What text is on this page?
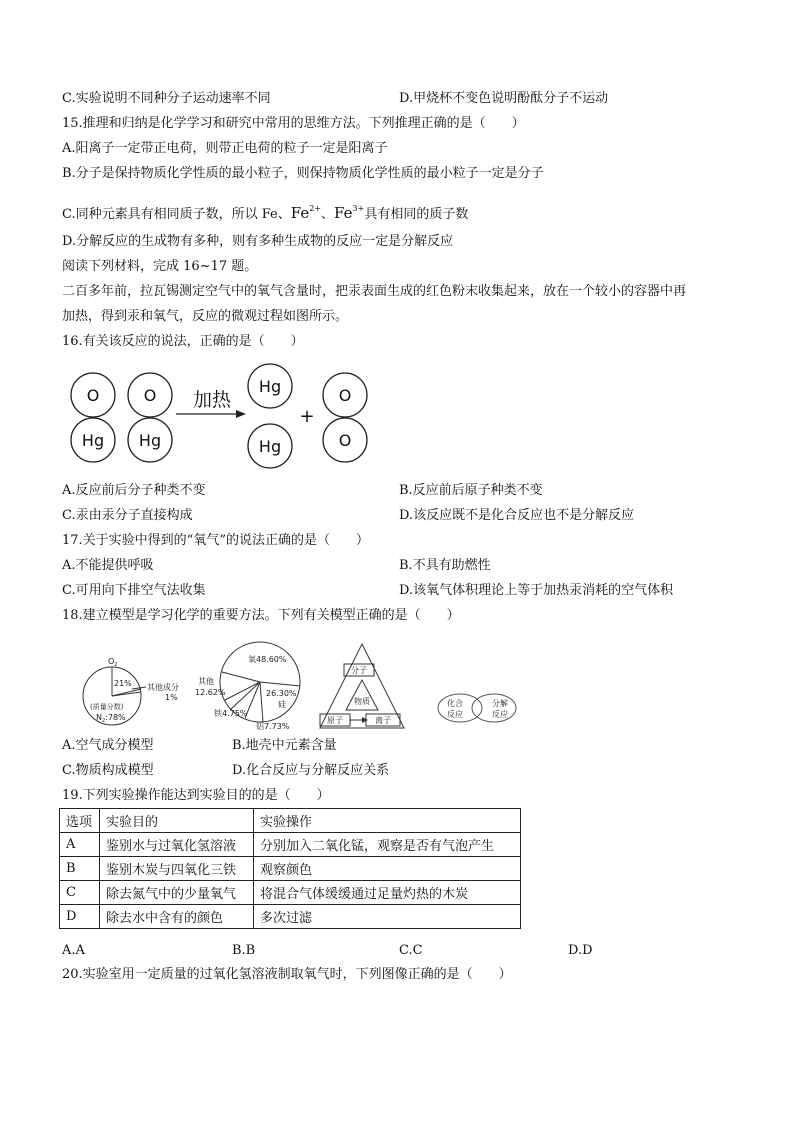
C.实验说明不同种分子运动速率不同	D.甲烧杯不变色说明酚酞分子不运动
15.推理和归纳是化学学习和研究中常用的思维方法。下列推理正确的是（　　）
A.阳离子一定带正电荷，则带正电荷的粒子一定是阳离子
B.分子是保持物质化学性质的最小粒子，则保持物质化学性质的最小粒子一定是分子
C.同种元素具有相同质子数，所以 Fe、$Fe^{2+}$、$Fe^{3+}$具有相同的质子数
D.分解反应的生成物有多种，则有多种生成物的反应一定是分解反应
阅读下列材料，完成 16~17 题。
二百多年前，拉瓦锡测定空气中的氧气含量时，把汞表面生成的红色粉末收集起来，放在一个较小的容器中再
加热，得到汞和氧气，反应的微观过程如图所示。
16.有关该反应的说法，正确的是（　　）
O
Hg
O
Hg
Hg
Hg
O
O
+
加热
A.反应前后分子种类不变	B.反应前后原子种类不变
C.汞由汞分子直接构成	D.该反应既不是化合反应也不是分解反应
17.关于实验中得到的“氧气”的说法正确的是（　　）
A.不能提供呼吸	B.不具有助燃性
C.可用向下排空气法收集	D.该氧气体积理论上等于加热汞消耗的空气体积
18.建立模型是学习化学的重要方法。下列有关模型正确的是（　　）
$O_2$
21% 其他成分
1%
(质量分数)
$N_2:78\%$
氧48.60%
26.30%
硅
其他
12.62%
铁4.75%
铝7.73%
分子
物质
原子	离子
化合
反应
分解
反应
A.空气成分模型	B.地壳中元素含量
C.物质构成模型	D.化合反应与分解反应关系
19.下列实验操作能达到实验目的的是（　　）
选项	实验目的	实验操作
A	鉴别水与过氧化氢溶液	分别加入二氧化锰，观察是否有气泡产生
B	鉴别木炭与四氧化三铁	观察颜色
C	除去氮气中的少量氧气	将混合气体缓缓通过足量灼热的木炭
D	除去水中含有的颜色	多次过滤
A.A	B.B	C.C	D.D
20.实验室用一定质量的过氧化氢溶液制取氧气时，下列图像正确的是（　　）
